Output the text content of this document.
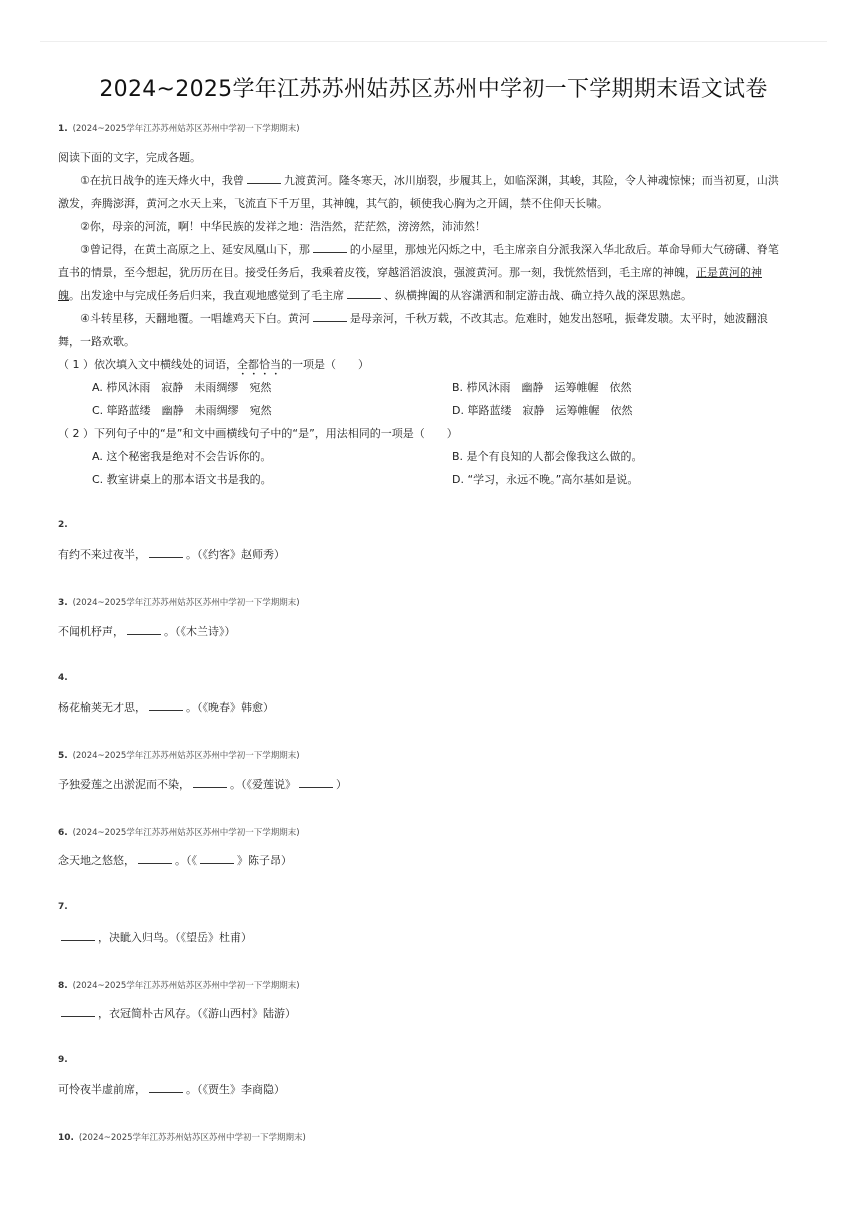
2024~2025学年江苏苏州姑苏区苏州中学初一下学期期末语文试卷
1. (2024~2025学年江苏苏州姑苏区苏州中学初一下学期期末)
阅读下面的文字，完成各题。
①在抗日战争的连天烽火中，我曾	九渡黄河。隆冬寒天，冰川崩裂，步履其上，如临深渊，其峻，其险，令人神魂惊悚；而当初夏，山洪
激发，奔腾澎湃，黄河之水天上来，飞流直下千万里，其神魄，其气韵，顿使我心胸为之开阔，禁不住仰天长啸。
②你，母亲的河流，啊！中华民族的发祥之地：浩浩然，茫茫然，滂滂然，沛沛然！
③曾记得，在黄土高原之上、延安凤凰山下，那	的小屋里，那烛光闪烁之中，毛主席亲自分派我深入华北敌后。革命导师大气磅礴、脊笔
直书的情景，至今想起，犹历历在目。接受任务后，我乘着皮筏，穿越滔滔波浪，强渡黄河。那一刻，我恍然悟到，毛主席的神魄，正是黄河的神
魄。出发途中与完成任务后归来，我直观地感觉到了毛主席	、纵横捭阖的从容潇洒和制定游击战、确立持久战的深思熟虑。
④斗转星移，天翻地覆。一唱雄鸡天下白。黄河	是母亲河，千秋万载，不改其志。危难时，她发出怒吼，振聋发聩。太平时，她波翻浪
舞，一路欢歌。
（ 1 ）依次填入文中横线处的词语，全都恰当的一项是（　　）
A. 栉风沐雨　寂静　未雨绸缪　宛然	B. 栉风沐雨　幽静　运筹帷幄　依然
C. 筚路蓝缕　幽静　未雨绸缪　宛然	D. 筚路蓝缕　寂静　运筹帷幄　依然
（ 2 ）下列句子中的“是”和文中画横线句子中的“是”，用法相同的一项是（　　）
A. 这个秘密我是绝对不会告诉你的。	B. 是个有良知的人都会像我这么做的。
C. 教室讲桌上的那本语文书是我的。	D. “学习，永远不晚。”高尔基如是说。
2.
有约不来过夜半，	。（《约客》赵师秀）
3. (2024~2025学年江苏苏州姑苏区苏州中学初一下学期期末)
不闻机杼声，	。（《木兰诗》）
4.
杨花榆荚无才思，	。（《晚春》韩愈）
5. (2024~2025学年江苏苏州姑苏区苏州中学初一下学期期末)
予独爱莲之出淤泥而不染，	。（《爱莲说》	）
6. (2024~2025学年江苏苏州姑苏区苏州中学初一下学期期末)
念天地之悠悠，	。（《	》陈子昂）
7.
，决眦入归鸟。（《望岳》杜甫）
8. (2024~2025学年江苏苏州姑苏区苏州中学初一下学期期末)
，衣冠简朴古风存。（《游山西村》陆游）
9.
可怜夜半虚前席，	。（《贾生》李商隐）
10. (2024~2025学年江苏苏州姑苏区苏州中学初一下学期期末)
